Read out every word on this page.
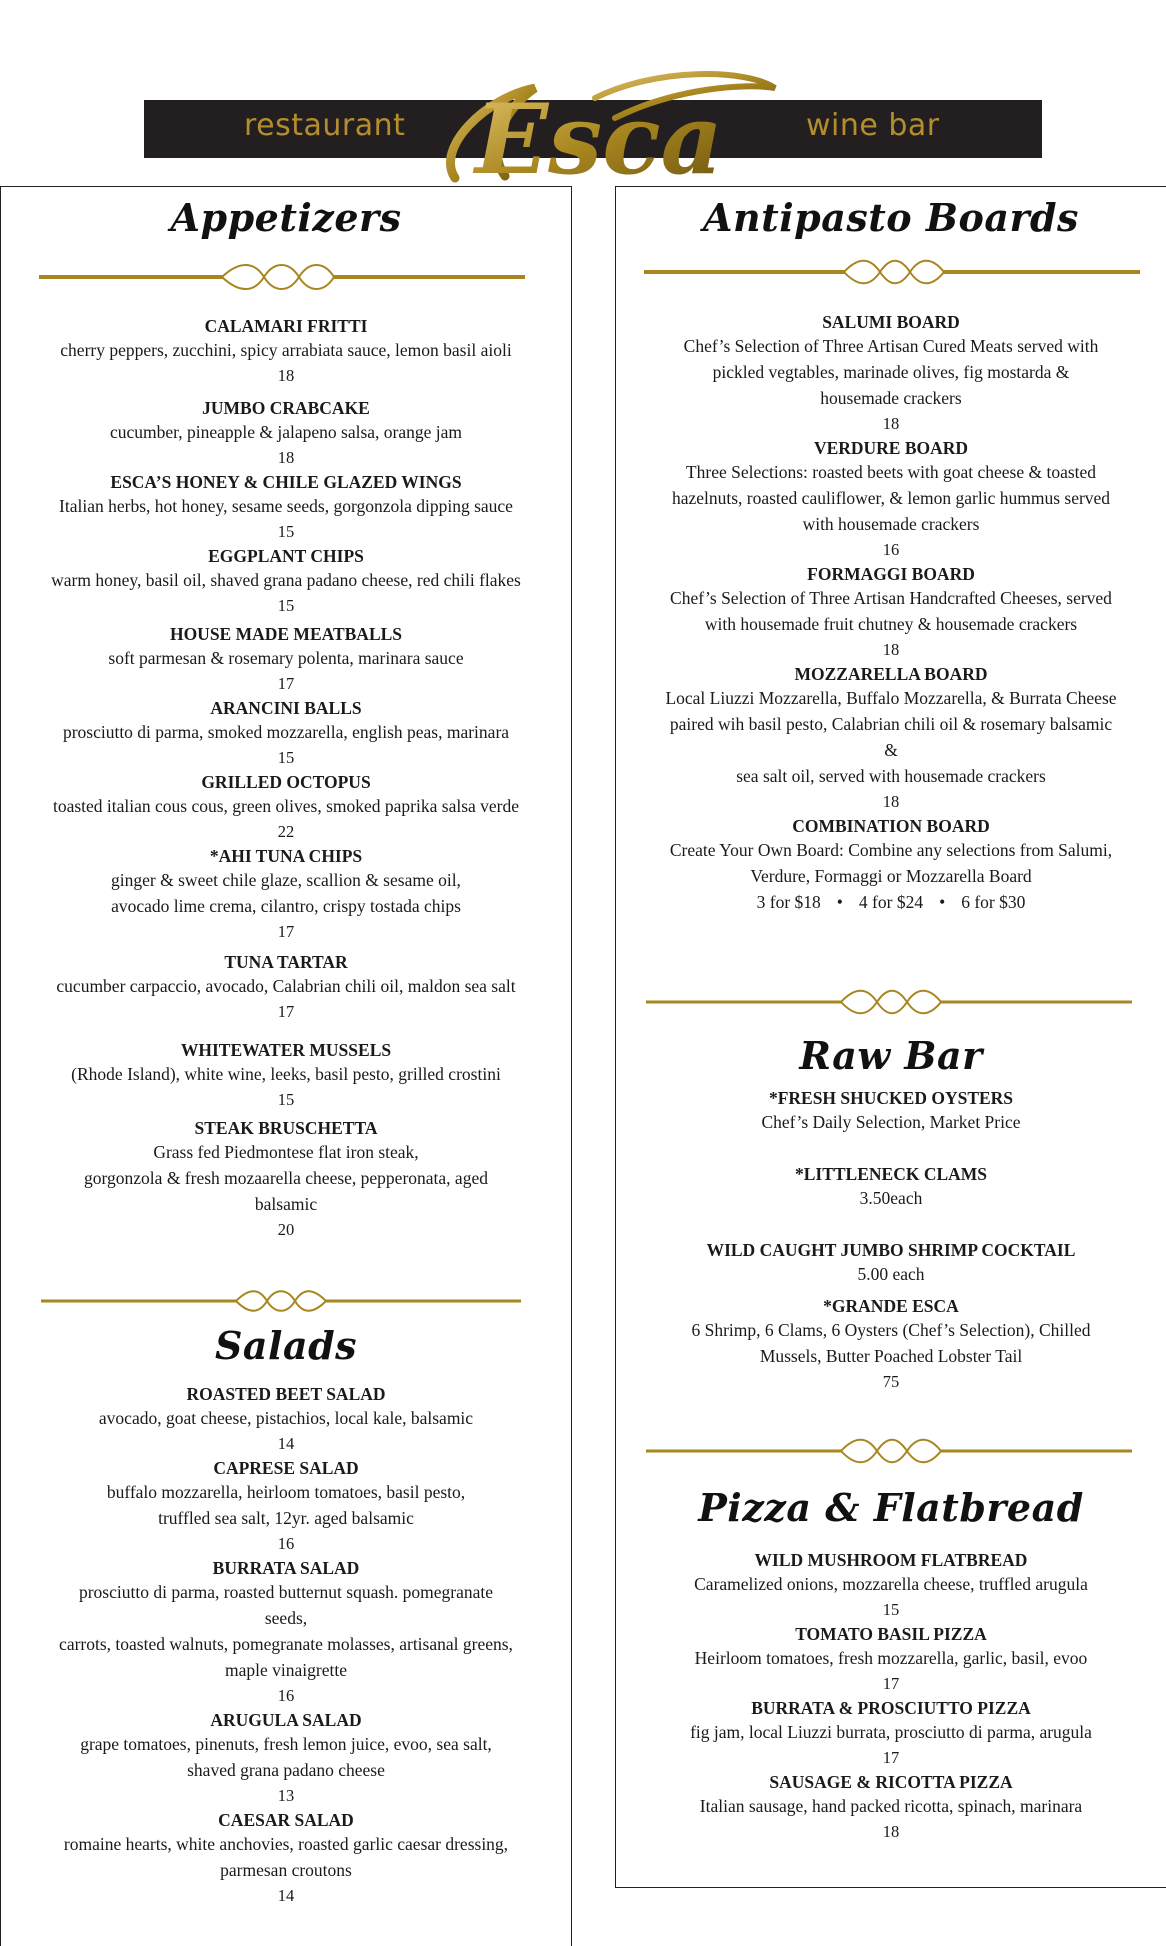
restaurant	wine bar
Esca
Appetizers
CALAMARI FRITTI
cherry peppers, zucchini, spicy arrabiata sauce, lemon basil aioli
18
JUMBO CRABCAKE
cucumber, pineapple & jalapeno salsa, orange jam
18
ESCA’S HONEY & CHILE GLAZED WINGS
Italian herbs, hot honey, sesame seeds, gorgonzola dipping sauce
15
EGGPLANT CHIPS
warm honey, basil oil, shaved grana padano cheese, red chili flakes
15
HOUSE MADE MEATBALLS
soft parmesan & rosemary polenta, marinara sauce
17
ARANCINI BALLS
prosciutto di parma, smoked mozzarella, english peas, marinara
15
GRILLED OCTOPUS
toasted italian cous cous, green olives, smoked paprika salsa verde
22
*AHI TUNA CHIPS
ginger & sweet chile glaze, scallion & sesame oil,
avocado lime crema, cilantro, crispy tostada chips
17
TUNA TARTAR
cucumber carpaccio, avocado, Calabrian chili oil, maldon sea salt
17
WHITEWATER MUSSELS
(Rhode Island), white wine, leeks, basil pesto, grilled crostini
15
STEAK BRUSCHETTA
Grass fed Piedmontese flat iron steak,
gorgonzola & fresh mozaarella cheese, pepperonata, aged
balsamic
20
Salads
ROASTED BEET SALAD
avocado, goat cheese, pistachios, local kale, balsamic
14
CAPRESE SALAD
buffalo mozzarella, heirloom tomatoes, basil pesto,
truffled sea salt, 12yr. aged balsamic
16
BURRATA SALAD
prosciutto di parma, roasted butternut squash. pomegranate
seeds,
carrots, toasted walnuts, pomegranate molasses, artisanal greens,
maple vinaigrette
16
ARUGULA SALAD
grape tomatoes, pinenuts, fresh lemon juice, evoo, sea salt,
shaved grana padano cheese
13
CAESAR SALAD
romaine hearts, white anchovies, roasted garlic caesar dressing,
parmesan croutons
14
Antipasto Boards
SALUMI BOARD
Chef’s Selection of Three Artisan Cured Meats served with
pickled vegtables, marinade olives, fig mostarda &
housemade crackers
18
VERDURE BOARD
Three Selections: roasted beets with goat cheese & toasted
hazelnuts, roasted cauliflower, & lemon garlic hummus served
with housemade crackers
16
FORMAGGI BOARD
Chef’s Selection of Three Artisan Handcrafted Cheeses, served
with housemade fruit chutney & housemade crackers
18
MOZZARELLA BOARD
Local Liuzzi Mozzarella, Buffalo Mozzarella, & Burrata Cheese
paired wih basil pesto, Calabrian chili oil & rosemary balsamic
&
sea salt oil, served with housemade crackers
18
COMBINATION BOARD
Create Your Own Board: Combine any selections from Salumi,
Verdure, Formaggi or Mozzarella Board
3 for $18 • 4 for $24 • 6 for $30
Raw Bar
*FRESH SHUCKED OYSTERS
Chef’s Daily Selection, Market Price
*LITTLENECK CLAMS
3.50each
WILD CAUGHT JUMBO SHRIMP COCKTAIL
5.00 each
*GRANDE ESCA
6 Shrimp, 6 Clams, 6 Oysters (Chef’s Selection), Chilled
Mussels, Butter Poached Lobster Tail
75
Pizza & Flatbread
WILD MUSHROOM FLATBREAD
Caramelized onions, mozzarella cheese, truffled arugula
15
TOMATO BASIL PIZZA
Heirloom tomatoes, fresh mozzarella, garlic, basil, evoo
17
BURRATA & PROSCIUTTO PIZZA
fig jam, local Liuzzi burrata, prosciutto di parma, arugula
17
SAUSAGE & RICOTTA PIZZA
Italian sausage, hand packed ricotta, spinach, marinara
18
